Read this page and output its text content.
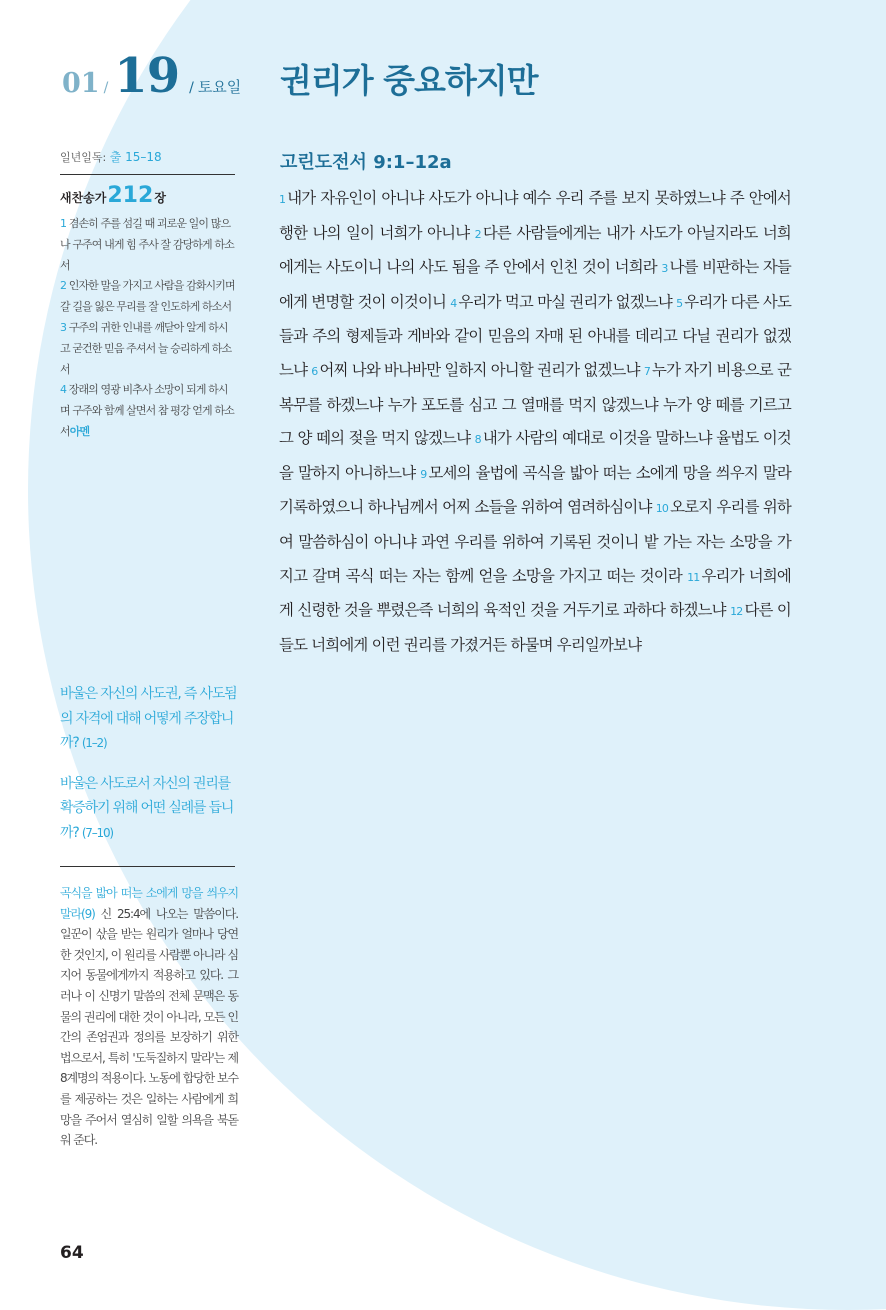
01 / 19 / 토요일 권리가 중요하지만
일년일독: 출 15–18
새찬송가 212 장
1 겸손히 주를 섬길 때 괴로운 일이 많으나 구주여 내게 힘 주사 잘 감당하게 하소서
2 인자한 말을 가지고 사람을 감화시키며 갈 길을 잃은 무리를 잘 인도하게 하소서
3 구주의 귀한 인내를 깨닫아 알게 하시고 굳건한 믿음 주셔서 늘 승리하게 하소서
4 장래의 영광 비추사 소망이 되게 하시며 구주와 함께 살면서 참 평강 얻게 하소서아멘

바울은 자신의 사도권, 즉 사도됨의 자격에 대해 어떻게 주장합니까? (1–2)

바울은 사도로서 자신의 권리를 확증하기 위해 어떤 실례를 듭니까? (7–10)

곡식을 밟아 떠는 소에게 망을 씌우지 말라(9) 신 25:4에 나오는 말씀이다. 일꾼이 삯을 받는 원리가 얼마나 당연한 것인지, 이 원리를 사람뿐 아니라 심지어 동물에게까지 적용하고 있다. 그러나 이 신명기 말씀의 전체 문맥은 동물의 권리에 대한 것이 아니라, 모든 인간의 존엄권과 정의를 보장하기 위한 법으로서, 특히 '도둑질하지 말라'는 제8계명의 적용이다. 노동에 합당한 보수를 제공하는 것은 일하는 사람에게 희망을 주어서 열심히 일할 의욕을 북돋워 준다.
64
고린도전서 9:1–12a
1 내가 자유인이 아니냐 사도가 아니냐 예수 우리 주를 보지 못하였느냐 주 안에서 행한 나의 일이 너희가 아니냐 2 다른 사람들에게는 내가 사도가 아닐지라도 너희에게는 사도이니 나의 사도 됨을 주 안에서 인친 것이 너희라 3 나를 비판하는 자들에게 변명할 것이 이것이니 4 우리가 먹고 마실 권리가 없겠느냐 5 우리가 다른 사도들과 주의 형제들과 게바와 같이 믿음의 자매 된 아내를 데리고 다닐 권리가 없겠느냐 6 어찌 나와 바나바만 일하지 아니할 권리가 없겠느냐 7 누가 자기 비용으로 군 복무를 하겠느냐 누가 포도를 심고 그 열매를 먹지 않겠느냐 누가 양 떼를 기르고 그 양 떼의 젖을 먹지 않겠느냐 8 내가 사람의 예대로 이것을 말하느냐 율법도 이것을 말하지 아니하느냐 9 모세의 율법에 곡식을 밟아 떠는 소에게 망을 씌우지 말라 기록하였으니 하나님께서 어찌 소들을 위하여 염려하심이냐 10 오로지 우리를 위하여 말씀하심이 아니냐 과연 우리를 위하여 기록된 것이니 밭 가는 자는 소망을 가지고 갈며 곡식 떠는 자는 함께 얻을 소망을 가지고 떠는 것이라 11 우리가 너희에게 신령한 것을 뿌렸은즉 너희의 육적인 것을 거두기로 과하다 하겠느냐 12 다른 이들도 너희에게 이런 권리를 가졌거든 하물며 우리일까보냐
